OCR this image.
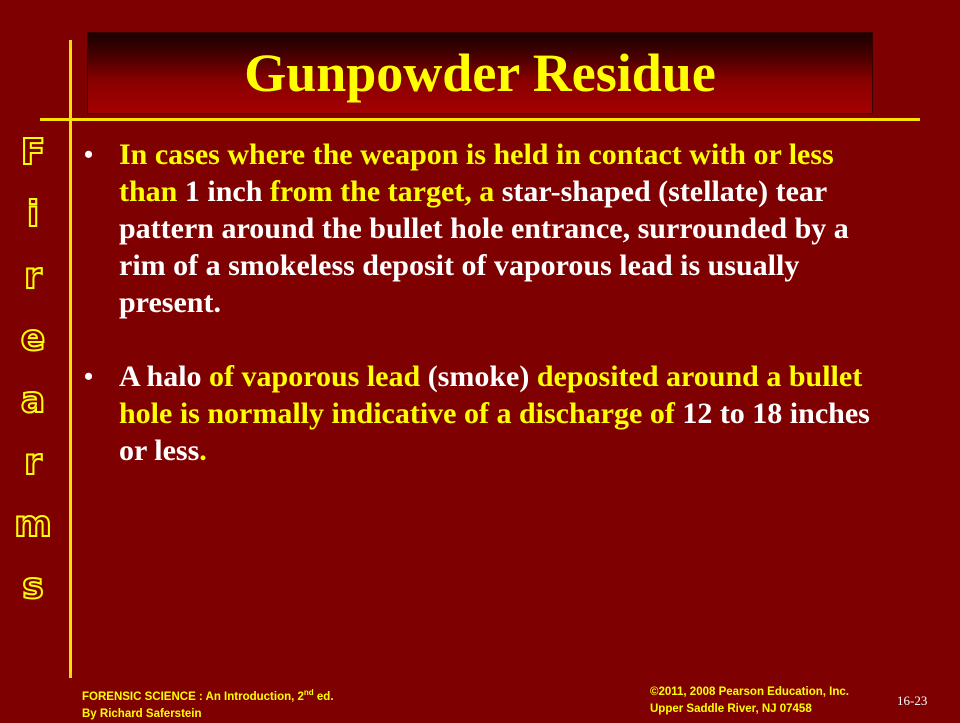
Gunpowder Residue
F
i
r
e
a
r
m
s
• In cases where the weapon is held in contact with or less than 1 inch from the target, a star-shaped (stellate) tear pattern around the bullet hole entrance, surrounded by a rim of a smokeless deposit of vaporous lead is usually present.
• A halo of vaporous lead (smoke) deposited around a bullet hole is normally indicative of a discharge of 12 to 18 inches or less.
FORENSIC SCIENCE : An Introduction, 2nd ed.
By Richard Saferstein
©2011, 2008 Pearson Education, Inc.
Upper Saddle River, NJ 07458
16-23
